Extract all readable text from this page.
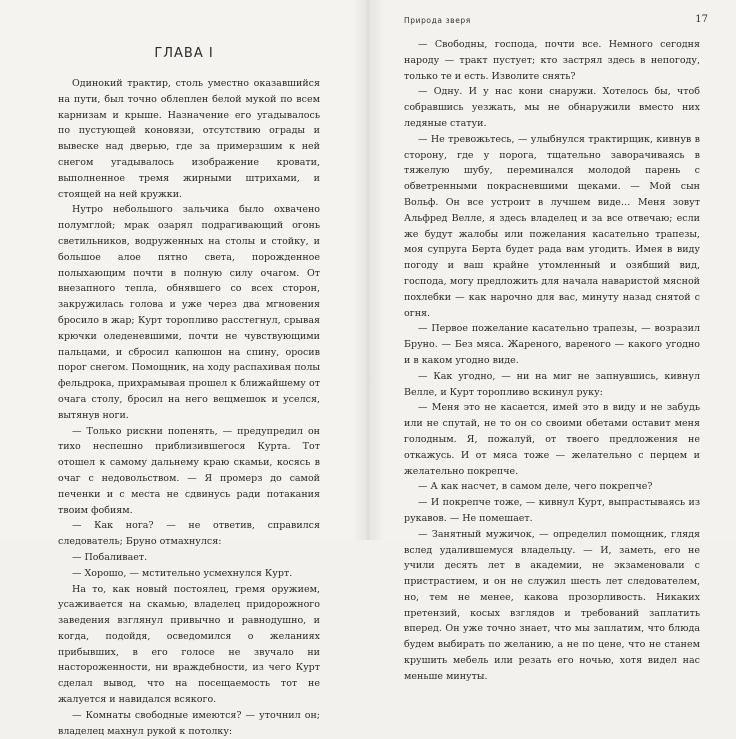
ГЛАВА I

Одинокий трактир, столь уместно оказавшийся на пути, был точно облеплен белой мукой по всем карнизам и крыше. Назначение его угадывалось по пустующей коновязи, отсутствию ограды и вывеске над дверью, где за примерзшим к ней снегом угадывалось изображение кровати, выполненное тремя жирными штрихами, и стоящей на ней кружки.

Нутро небольшого зальчика было охвачено полумглой; мрак озарял подрагивающий огонь светильников, водруженных на столы и стойку, и большое алое пятно света, порожденное полыхающим почти в полную силу очагом. От внезапного тепла, обнявшего со всех сторон, закружилась голова и уже через два мгновения бросило в жар; Курт торопливо расстегнул, срывая крючки оледеневшими, почти не чувствующими пальцами, и сбросил капюшон на спину, оросив порог снегом. Помощник, на ходу распахивая полы фельдрока, прихрамывая прошел к ближайшему от очага столу, бросил на него вещмешок и уселся, вытянув ноги.

— Только рискни попенять, — предупредил он тихо неспешно приблизившегося Курта. Тот отошел к самому дальнему краю скамьи, косясь в очаг с недовольством. — Я промерз до самой печенки и с места не сдвинусь ради потакания твоим фобиям.

— Как нога? — не ответив, справился следователь; Бруно отмахнулся:

— Побаливает.

— Хорошо, — мстительно усмехнулся Курт.

На то, как новый постоялец, гремя оружием, усаживается на скамью, владелец придорожного заведения взглянул привычно и равнодушно, и когда, подойдя, осведомился о желаниях прибывших, в его голосе не звучало ни настороженности, ни враждебности, из чего Курт сделал вывод, что на посещаемость тот не жалуется и навидался всякого.

— Комнаты свободные имеются? — уточнил он; владелец махнул рукой к потолку:

Природа зверя	17

— Свободны, господа, почти все. Немного сегодня народу — тракт пустует; кто застрял здесь в непогоду, только те и есть. Изволите снять?

— Одну. И у нас кони снаружи. Хотелось бы, чтоб собравшись уезжать, мы не обнаружили вместо них ледяные статуи.

— Не тревожьтесь, — улыбнулся трактирщик, кивнув в сторону, где у порога, тщательно заворачиваясь в тяжелую шубу, переминался молодой парень с обветренными покрасневшими щеками. — Мой сын Вольф. Он все устроит в лучшем виде… Меня зовут Альфред Велле, я здесь владелец и за все отвечаю; если же будут жалобы или пожелания касательно трапезы, моя супруга Берта будет рада вам угодить. Имея в виду погоду и ваш крайне утомленный и озябший вид, господа, могу предложить для начала наваристой мясной похлебки — как нарочно для вас, минуту назад снятой с огня.

— Первое пожелание касательно трапезы, — возразил Бруно. — Без мяса. Жареного, вареного — какого угодно и в каком угодно виде.

— Как угодно, — ни на миг не запнувшись, кивнул Велле, и Курт торопливо вскинул руку:

— Меня это не касается, имей это в виду и не забудь или не спутай, не то он со своими обетами оставит меня голодным. Я, пожалуй, от твоего предложения не откажусь. И от мяса тоже — желательно с перцем и желательно покрепче.

— А как насчет, в самом деле, чего покрепче?

— И покрепче тоже, — кивнул Курт, выпрастываясь из рукавов. — Не помешает.

— Занятный мужичок, — определил помощник, глядя вслед удалившемуся владельцу. — И, заметь, его не учили десять лет в академии, не экзаменовали с пристрастием, и он не служил шесть лет следователем, но, тем не менее, какова прозорливость. Никаких претензий, косых взглядов и требований заплатить вперед. Он уже точно знает, что мы заплатим, что блюда будем выбирать по желанию, а не по цене, что не станем крушить мебель или резать его ночью, хотя видел нас меньше минуты.
